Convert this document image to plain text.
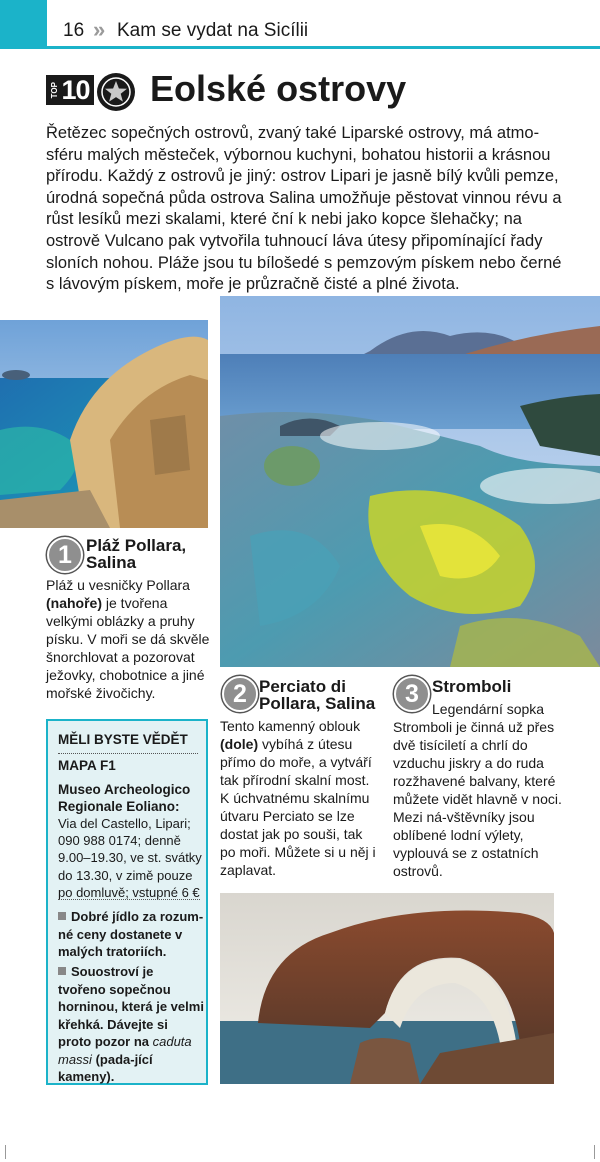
16 » Kam se vydat na Sicílii
TOP 10 Eolské ostrovy
Řetězec sopečných ostrovů, zvaný také Liparské ostrovy, má atmo-sféru malých městeček, výbornou kuchyni, bohatou historii a krásnou přírodu. Každý z ostrovů je jiný: ostrov Lipari je jasně bílý kvůli pemze, úrodná sopečná půda ostrova Salina umožňuje pěstovat vinnou révu a růst lesíků mezi skalami, které ční k nebi jako kopce šlehačky; na ostrově Vulcano pak vytvořila tuhnoucí láva útesy připomínající řady sloních nohou. Pláže jsou tu bílošedé s pemzovým pískem nebo černé s lávovým pískem, moře je průzračně čisté a plné života.
1 Pláž Pollara, Salina
Pláž u vesničky Pollara (nahoře) je tvořena velkými oblázky a pruhy písku. V moři se dá skvěle šnorchlovat a pozorovat ježovky, chobotnice a jiné mořské živočichy.	2 Perciato di Pollara, Salina
Tento kamenný oblouk (dole) vybíhá z útesu přímo do moře, a vytváří tak přírodní skalní most. K úchvatnému skalnímu útvaru Perciato se lze dostat jak po souši, tak po moři. Můžete si u něj i zaplavat.
3 Stromboli
Legendární sopka Stromboli je činná už přes dvě tisíciletí a chrlí do vzduchu jiskry a do ruda rozžhavené balvany, které můžete vidět hlavně v noci. Mezi ná-vštěvníky jsou oblíbené lodní výlety, vyplouvá se z ostatních ostrovů.
MĚLI BYSTE VĚDĚT
MAPA F1
Museo Archeologico Regionale Eoliano:
Via del Castello, Lipari; 090 988 0174; denně 9.00–19.30, ve st. svátky do 13.30, v zimě pouze po domluvě; vstupné 6 €
Dobré jídlo za rozum-né ceny dostanete v malých tratoriích.
Souostroví je tvořeno sopečnou horninou, která je velmi křehká. Dávejte si proto pozor na caduta massi (pada-jící kameny).
